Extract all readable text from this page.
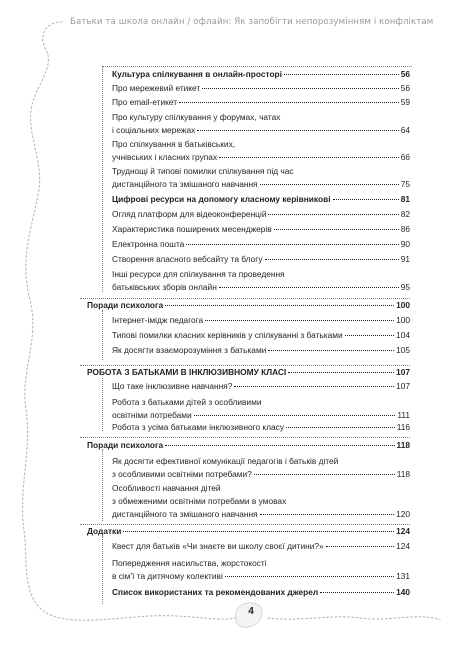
Батьки та школа онлайн / офлайн: Як запобігти непорозумінням і конфліктам
Культура спілкування в онлайн-просторі	56
Про мережевий етикет	56
Про email-етикет	59
Про культуру спілкування у форумах, чатах
і соціальних мережах	64
Про спілкування в батьківських,
учнівських і класних групах	66
Труднощі й типові помилки спілкування під час
дистанційного та змішаного навчання	75
Цифрові ресурси на допомогу класному керівникові	81
Огляд платформ для відеоконференцій	82
Характеристика поширених месенджерів	86
Електронна пошта	90
Створення власного вебсайту та блогу	91
Інші ресурси для спілкування та проведення
батьківських зборів онлайн	95
Поради психолога	100
Інтернет-імідж педагога	100
Типові помилки класних керівників у спілкуванні з батьками	104
Як досягти взаєморозуміння з батьками	105
РОБОТА З БАТЬКАМИ В ІНКЛЮЗИВНОМУ КЛАСІ	107
Що таке інклюзивне навчання?	107
Робота з батьками дітей з особливими
освітніми потребами	111
Робота з усіма батьками інклюзивного класу	116
Поради психолога	118
Як досягти ефективної комунікації педагогів і батьків дітей
з особливими освітніми потребами?	118
Особливості навчання дітей
з обмеженими освітніми потребами в умовах
дистанційного та змішаного навчання	120
Додатки	124
Квест для батьків «Чи знаєте ви школу своєї дитини?»	124
Попередження насильства, жорстокості
в сім'ї та дитячому колективі	131
Список використаних та рекомендованих джерел	140
4
